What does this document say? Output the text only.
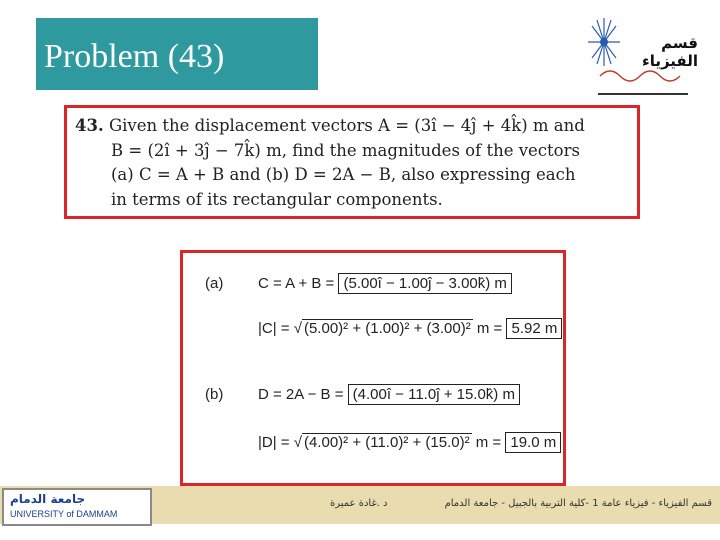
Problem (43)	قسم الفيزياء
43. Given the displacement vectors A = (3î − 4ĵ + 4k̂) m and
B = (2î + 3ĵ − 7k̂) m, find the magnitudes of the vectors
(a) C = A + B and (b) D = 2A − B, also expressing each
in terms of its rectangular components.
(a) C = A + B = (5.00î − 1.00ĵ − 3.00k̂) m
|C| = √ (5.00)² + (1.00)² + (3.00)² m = 5.92 m
(b) D = 2A − B = (4.00î − 11.0ĵ + 15.0k̂) m
|D| = √ (4.00)² + (11.0)² + (15.0)² m = 19.0 m
جامعة الدمام
UNIVERSITY of DAMMAM
د .غادة عميرة	قسم الفيزياء - فيزياء عامة 1 -كلية التربية بالجبيل - جامعة الدمام
